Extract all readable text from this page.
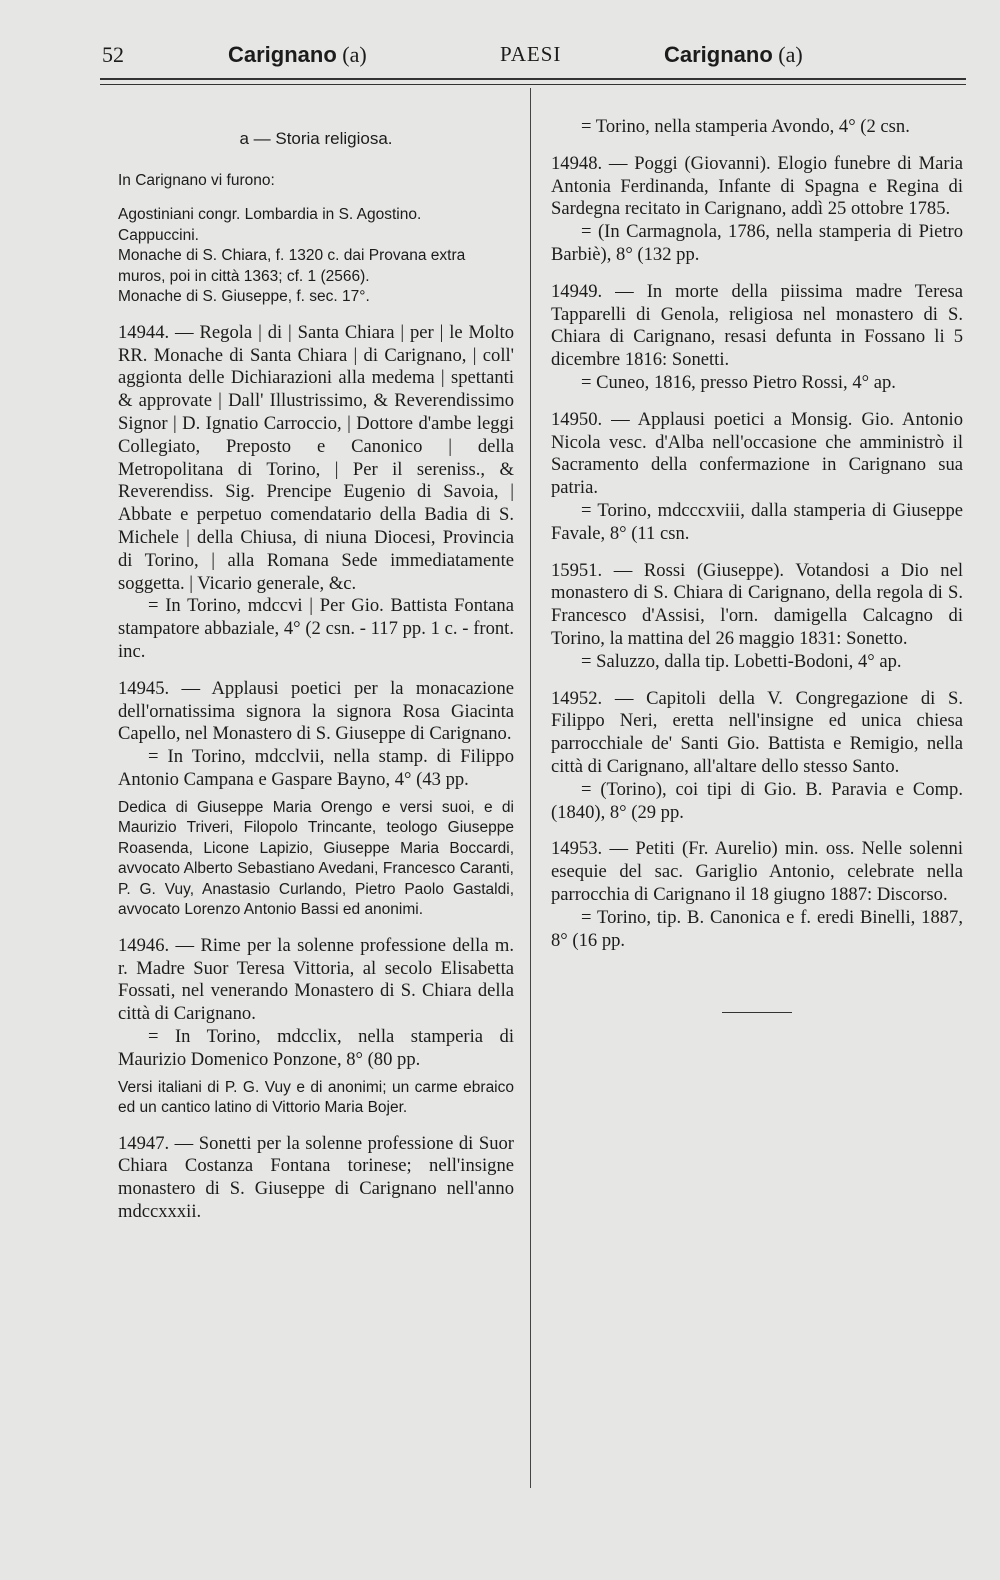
52	Carignano (a)	PAESI	Carignano (a)

a — Storia religiosa.

In Carignano vi furono:

Agostiniani congr. Lombardia in S. Agostino.

Cappuccini.

Monache di S. Chiara, f. 1320 c. dai Provana extra muros, poi in città 1363; cf. 1 (2566).

Monache di S. Giuseppe, f. sec. 17°.

14944. — Regola | di | Santa Chiara | per | le Molto RR. Monache di Santa Chiara | di Carignano, | coll' aggionta delle Dichiarazioni alla medema | spettanti & approvate | Dall' Illustrissimo, & Reverendissimo Signor | D. Ignatio Carroccio, | Dottore d'ambe leggi Collegiato, Preposto e Canonico | della Metropolitana di Torino, | Per il sereniss., & Reverendiss. Sig. Prencipe Eugenio di Savoia, | Abbate e perpetuo comendatario della Badia di S. Michele | della Chiusa, di niuna Diocesi, Provincia di Torino, | alla Romana Sede immediatamente soggetta. | Vicario generale, &c.

= In Torino, mdccvi | Per Gio. Battista Fontana stampatore abbaziale, 4° (2 csn. - 117 pp. 1 c. - front. inc.

14945. — Applausi poetici per la monacazione dell'ornatissima signora la signora Rosa Giacinta Capello, nel Monastero di S. Giuseppe di Carignano.

= In Torino, mdcclvii, nella stamp. di Filippo Antonio Campana e Gaspare Bayno, 4° (43 pp.

Dedica di Giuseppe Maria Orengo e versi suoi, e di Maurizio Triveri, Filopolo Trincante, teologo Giuseppe Roasenda, Licone Lapizio, Giuseppe Maria Boccardi, avvocato Alberto Sebastiano Avedani, Francesco Caranti, P. G. Vuy, Anastasio Curlando, Pietro Paolo Gastaldi, avvocato Lorenzo Antonio Bassi ed anonimi.

14946. — Rime per la solenne professione della m. r. Madre Suor Teresa Vittoria, al secolo Elisabetta Fossati, nel venerando Monastero di S. Chiara della città di Carignano.

= In Torino, mdcclix, nella stamperia di Maurizio Domenico Ponzone, 8° (80 pp.

Versi italiani di P. G. Vuy e di anonimi; un carme ebraico ed un cantico latino di Vittorio Maria Bojer.

14947. — Sonetti per la solenne professione di Suor Chiara Costanza Fontana torinese; nell'insigne monastero di S. Giuseppe di Carignano nell'anno mdccxxxii.

= Torino, nella stamperia Avondo, 4° (2 csn.

14948. — Poggi (Giovanni). Elogio funebre di Maria Antonia Ferdinanda, Infante di Spagna e Regina di Sardegna recitato in Carignano, addì 25 ottobre 1785.

= (In Carmagnola, 1786, nella stamperia di Pietro Barbiè), 8° (132 pp.

14949. — In morte della piissima madre Teresa Tapparelli di Genola, religiosa nel monastero di S. Chiara di Carignano, resasi defunta in Fossano li 5 dicembre 1816: Sonetti.

= Cuneo, 1816, presso Pietro Rossi, 4° ap.

14950. — Applausi poetici a Monsig. Gio. Antonio Nicola vesc. d'Alba nell'occasione che amministrò il Sacramento della confermazione in Carignano sua patria.

= Torino, mdcccxviii, dalla stamperia di Giuseppe Favale, 8° (11 csn.

15951. — Rossi (Giuseppe). Votandosi a Dio nel monastero di S. Chiara di Carignano, della regola di S. Francesco d'Assisi, l'orn. damigella Calcagno di Torino, la mattina del 26 maggio 1831: Sonetto.

= Saluzzo, dalla tip. Lobetti-Bodoni, 4° ap.

14952. — Capitoli della V. Congregazione di S. Filippo Neri, eretta nell'insigne ed unica chiesa parrocchiale de' Santi Gio. Battista e Remigio, nella città di Carignano, all'altare dello stesso Santo.

= (Torino), coi tipi di Gio. B. Paravia e Comp. (1840), 8° (29 pp.

14953. — Petiti (Fr. Aurelio) min. oss. Nelle solenni esequie del sac. Gariglio Antonio, celebrate nella parrocchia di Carignano il 18 giugno 1887: Discorso.

= Torino, tip. B. Canonica e f. eredi Binelli, 1887, 8° (16 pp.
